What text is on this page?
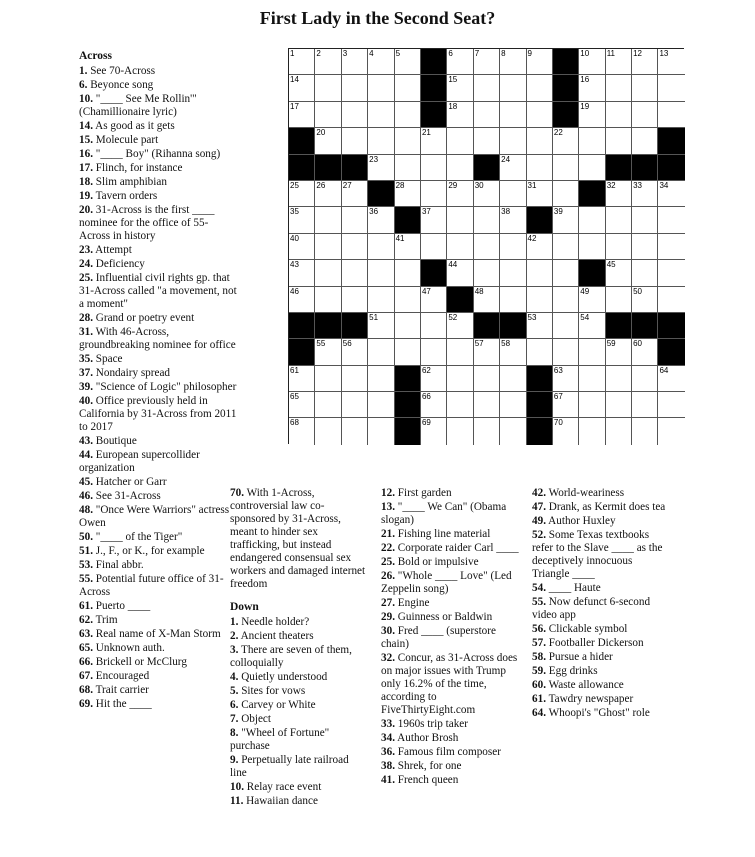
First Lady in the Second Seat?
1	2	3	4	5	6	7	8	9	10 11 12 13
14	15	16
17	18	19
20	21	22
23	24
25 26 27	28	29 30	31	32 33 34
35	36	37	38	39
40	41	42
43	44	45
46	47	48	49	50
51	52	53	54
55 56	57 58	59 60
61	62	63	64
65	66	67
68	69	70
Across
1. See 70-Across
6. Beyonce song
10. "____ See Me Rollin'" (Chamillionaire lyric)
14. As good as it gets
15. Molecule part
16. "____ Boy" (Rihanna song)
17. Flinch, for instance
18. Slim amphibian
19. Tavern orders
20. 31-Across is the first ____ nominee for the office of 55-Across in history
23. Attempt
24. Deficiency
25. Influential civil rights gp. that 31-Across called "a movement, not a moment"
28. Grand or poetry event
31. With 46-Across, groundbreaking nominee for office
35. Space
37. Nondairy spread
39. "Science of Logic" philosopher
40. Office previously held in California by 31-Across from 2011 to 2017
43. Boutique
44. European supercollider organization
45. Hatcher or Garr
46. See 31-Across
48. "Once Were Warriors" actress Owen
50. "____ of the Tiger"
51. J., F., or K., for example
53. Final abbr.
55. Potential future office of 31-Across
61. Puerto ____
62. Trim
63. Real name of X-Man Storm
65. Unknown auth.
66. Brickell or McClurg
67. Encouraged
68. Trait carrier
69. Hit the ____
70. With 1-Across, controversial law co-sponsored by 31-Across, meant to hinder sex trafficking, but instead endangered consensual sex workers and damaged internet freedom
Down
1. Needle holder?
2. Ancient theaters
3. There are seven of them, colloquially
4. Quietly understood
5. Sites for vows
6. Carvey or White
7. Object
8. "Wheel of Fortune" purchase
9. Perpetually late railroad line
10. Relay race event
11. Hawaiian dance
12. First garden
13. "____ We Can" (Obama slogan)
21. Fishing line material
22. Corporate raider Carl ____
25. Bold or impulsive
26. "Whole ____ Love" (Led Zeppelin song)
27. Engine
29. Guinness or Baldwin
30. Fred ____ (superstore chain)
32. Concur, as 31-Across does on major issues with Trump only 16.2% of the time, according to FiveThirtyEight.com
33. 1960s trip taker
34. Author Brosh
36. Famous film composer
38. Shrek, for one
41. French queen
42. World-weariness
47. Drank, as Kermit does tea
49. Author Huxley
52. Some Texas textbooks refer to the Slave ____ as the deceptively innocuous Triangle ____
54. ____ Haute
55. Now defunct 6-second video app
56. Clickable symbol
57. Footballer Dickerson
58. Pursue a hider
59. Egg drinks
60. Waste allowance
61. Tawdry newspaper
64. Whoopi's "Ghost" role
